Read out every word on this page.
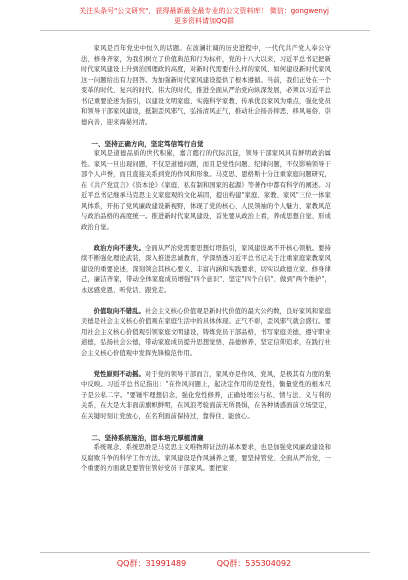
关注头条号"公文研究"，获得最新最全最专业的公文资料库！ 微信：gongwenyj
更多资料请加QQ群

家风是百年党史中恒久的话题。在波澜壮阔的历史进程中，一代代共产党人奉公守法、修身齐家，为我们树立了价值典范和行为标杆，党的十八大以来，习近平总书记把新时代家风建设上升到治国理政的高度，对新时代需要什么样的家风、如何建设新时代家风这一问题给出有力回答。为加强新时代家风建设提供了根本遵循。当前，我们正处在一个变革的时代、复兴的时代、伟大的时代，推进全面从严治党向纵深发展，必须以习近平总书记重要论述为指引，以建设文明家庭、实施科学家教、传承优良家风为重点，强化党员和领导干部家风建设，抵制歪风邪气，弘扬清风正气，推动社会扬善抑恶、移风易俗、崇德向善，迎来海晏河清。

一、坚持正确方向，坚定笃信笃行自觉

家风是道德品质的世代积累，嘉言懿行的代际沉淀，领导干部家风具有鲜明政治属性。家风一旦出现问题，不仅是道德问题，而且是党性问题、纪律问题，不仅影响领导干部个人声誉，而且直接关系到党的作风和形象。马克思、恩格斯十分注重家庭问题研究，在《共产党宣言》《资本论》《家庭、私有制和国家的起源》等著作中都有科学的阐述。习近平总书记继承马克思主义家庭观的文化基因，提出构建"家庭、家教、家风"三位一体家风体系，开拓了党风廉政建设新视野，体现了党的核心、人民领袖的个人魅力、家教风范与政治品格的高度统一。推进新时代家风建设，首先要从政治上看，养成思想自觉、形成政治自觉。

政治方向不迷失。全面从严治党需要思想灯塔指引，家风建设离不开核心领航。要持续不断强化理论武装，深入推进忠诚教育，学深悟透习近平总书记关于注重家庭家教家风建设的重要论述，深刻领会其核心要义、丰富内涵和实践要求，切实以政德立家、修身律己，廉洁齐家，带动全体家庭成员增强"四个意识"、坚定"四个自信"、做到"两个维护"，永远感党恩、听党话、跟党走。

价值取向不错乱。社会主义核心价值观是新时代价值的最大公约数，良好家风和家庭美德是社会主义核心价值观在家庭生活中的具体体现。正气不彰，歪风邪气就会盛行。要用社会主义核心价值观引领家庭文明建设，铸炼党员干部品格，书写家庭美德，遵守职业道德，弘扬社会公德，带动家庭成员提升思想觉悟、品德修养，坚定信仰追求，在践行社会主义核心价值观中发挥先锋模范作用。

党性原则不动摇。对于党的领导干部而言，家风亦是作风、党风，是极其有力度的集中反映。习近平总书记指出："在作风问题上，起决定作用的是党性，衡量党性的根本尺子是公私二字。"要锤牢理想信念，强化党性修养，正确处理公与私、情与法、义与利的关系，在大是大非面前旗帜鲜明，在风浪考验面前无所畏惧，在各种诱惑面前立场坚定，在关键时刻让党放心，在名利面前保持过，靠得住、能放心。

二、坚持系统施治，固本培元厚植清廉

系统观念、系统思维是马克思主义唯物辩证法的基本要求，也是加强党风廉政建设和反腐败斗争的科学工作方法。家风建设是作风涵养之要，要坚持管党、全面从严治党，一个重要的方面就是要管住管好党员干部家风。要把家

QQ群：31991489	QQ群：535304092
